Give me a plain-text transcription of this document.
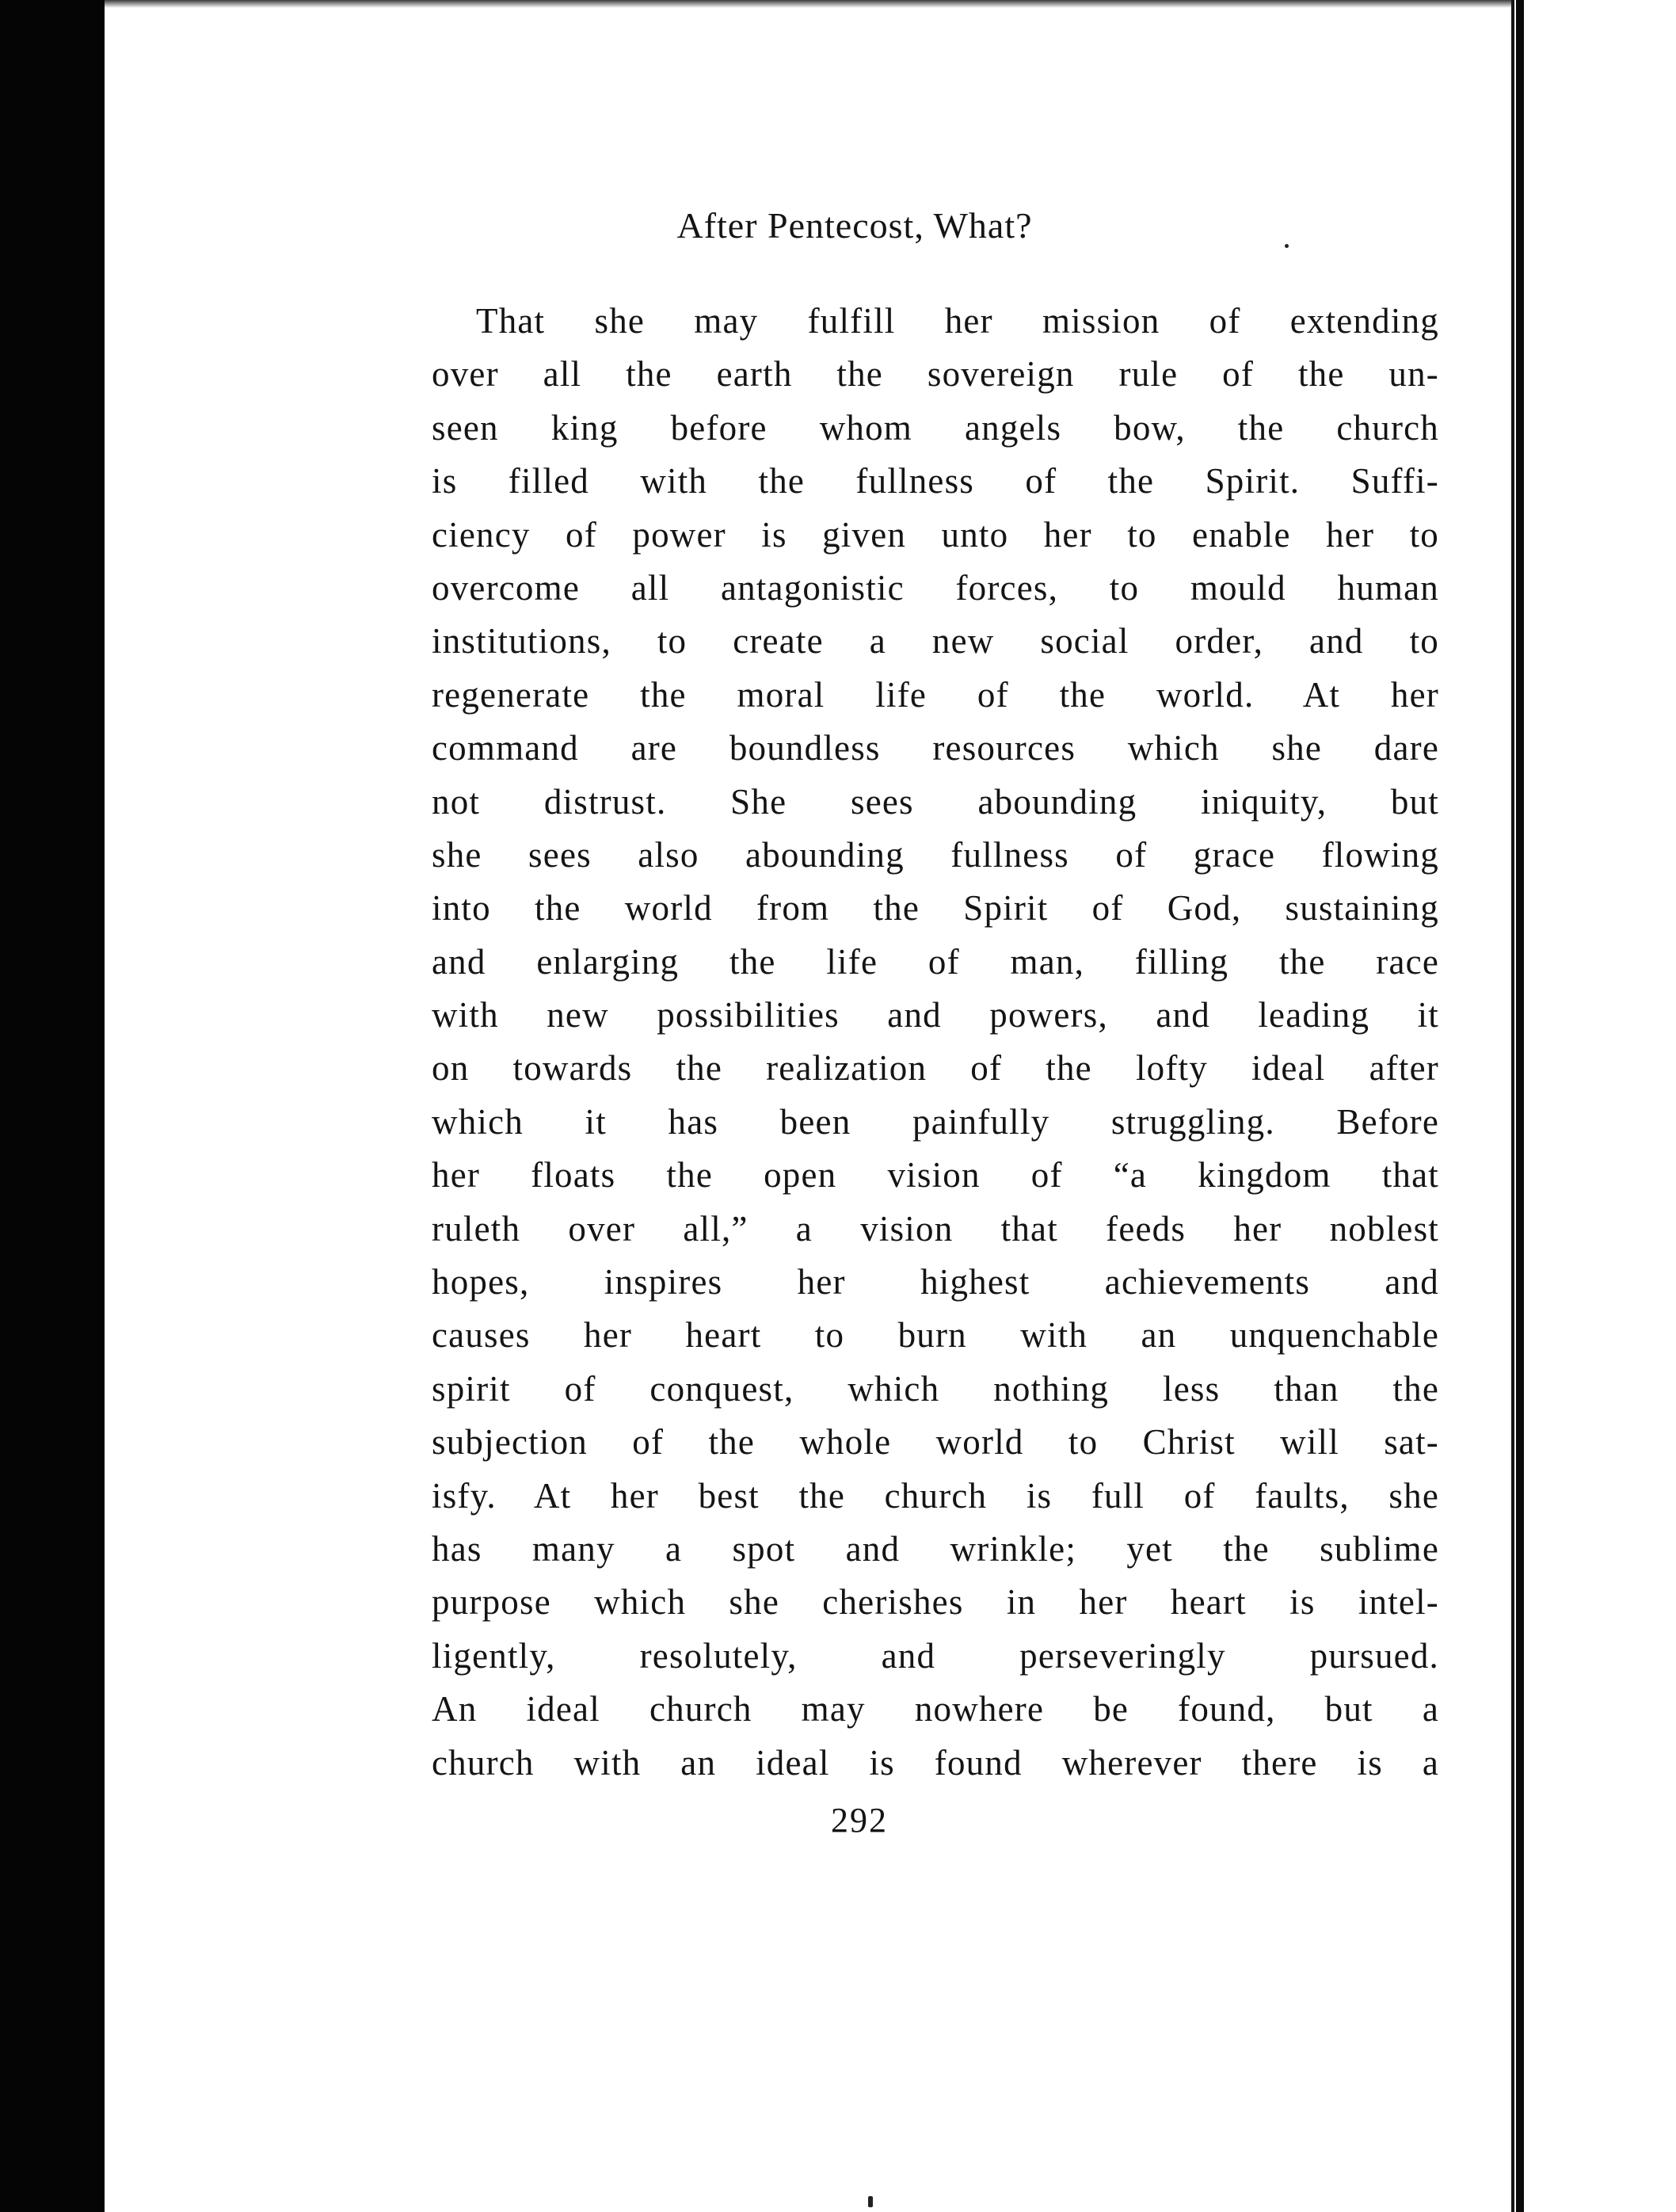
After Pentecost, What?
That she may fulfill her mission of extending
over all the earth the sovereign rule of the un-
seen king before whom angels bow, the church
is filled with the fullness of the Spirit. Suffi-
ciency of power is given unto her to enable her to
overcome all antagonistic forces, to mould human
institutions, to create a new social order, and to
regenerate the moral life of the world. At her
command are boundless resources which she dare
not distrust. She sees abounding iniquity, but
she sees also abounding fullness of grace flowing
into the world from the Spirit of God, sustaining
and enlarging the life of man, filling the race
with new possibilities and powers, and leading it
on towards the realization of the lofty ideal after
which it has been painfully struggling. Before
her floats the open vision of “a kingdom that
ruleth over all,” a vision that feeds her noblest
hopes, inspires her highest achievements and
causes her heart to burn with an unquenchable
spirit of conquest, which nothing less than the
subjection of the whole world to Christ will sat-
isfy. At her best the church is full of faults, she
has many a spot and wrinkle; yet the sublime
purpose which she cherishes in her heart is intel-
ligently, resolutely, and perseveringly pursued.
An ideal church may nowhere be found, but a
church with an ideal is found wherever there is a
292
